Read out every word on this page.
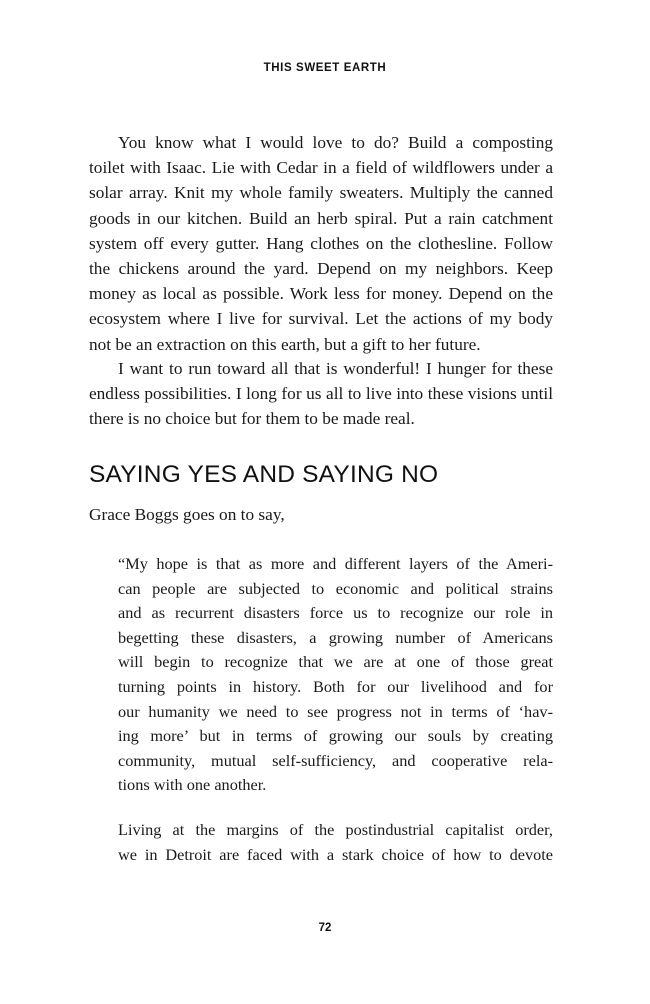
THIS SWEET EARTH
You know what I would love to do? Build a composting
toilet with Isaac. Lie with Cedar in a field of wildflowers under a
solar array. Knit my whole family sweaters. Multiply the canned
goods in our kitchen. Build an herb spiral. Put a rain catchment
system off every gutter. Hang clothes on the clothesline. Follow
the chickens around the yard. Depend on my neighbors. Keep
money as local as possible. Work less for money. Depend on the
ecosystem where I live for survival. Let the actions of my body
not be an extraction on this earth, but a gift to her future.
I want to run toward all that is wonderful! I hunger for these
endless possibilities. I long for us all to live into these visions until
there is no choice but for them to be made real.
SAYING YES AND SAYING NO

Grace Boggs goes on to say,

“My hope is that as more and different layers of the Ameri-
can people are subjected to economic and political strains
and as recurrent disasters force us to recognize our role in
begetting these disasters, a growing number of Americans
will begin to recognize that we are at one of those great
turning points in history. Both for our livelihood and for
our humanity we need to see progress not in terms of ‘hav-
ing more’ but in terms of growing our souls by creating
community, mutual self-sufficiency, and cooperative rela-
tions with one another.
Living at the margins of the postindustrial capitalist order,
we in Detroit are faced with a stark choice of how to devote
72
